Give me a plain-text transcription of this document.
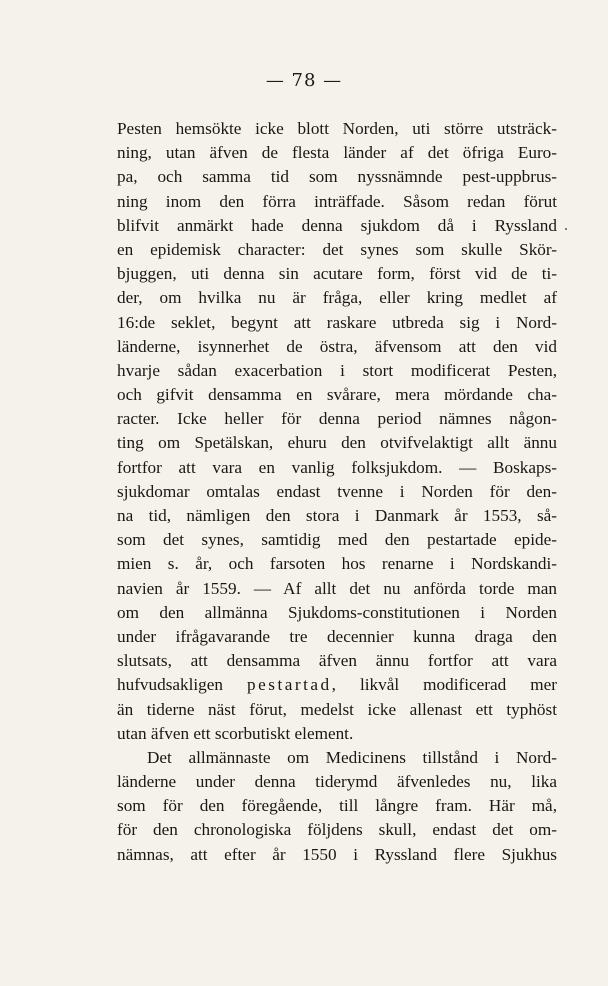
— 78 —
Pesten hemsökte icke blott Norden, uti större utsträck-
ning, utan äfven de flesta länder af det öfriga Euro-
pa, och samma tid som nyssnämnde pest-uppbrus-
ning inom den förra inträffade. Såsom redan förut
blifvit anmärkt hade denna sjukdom då i Ryssland
en epidemisk character: det synes som skulle Skör-
bjuggen, uti denna sin acutare form, först vid de ti-
der, om hvilka nu är fråga, eller kring medlet af
16:de seklet, begynt att raskare utbreda sig i Nord-
länderne, isynnerhet de östra, äfvensom att den vid
hvarje sådan exacerbation i stort modificerat Pesten,
och gifvit densamma en svårare, mera mördande cha-
racter. Icke heller för denna period nämnes någon-
ting om Spetälskan, ehuru den otvifvelaktigt allt ännu
fortfor att vara en vanlig folksjukdom. — Boskaps-
sjukdomar omtalas endast tvenne i Norden för den-
na tid, nämligen den stora i Danmark år 1553, så-
som det synes, samtidig med den pestartade epide-
mien s. år, och farsoten hos renarne i Nordskandi-
navien år 1559. — Af allt det nu anförda torde man
om den allmänna Sjukdoms-constitutionen i Norden
under ifrågavarande tre decennier kunna draga den
slutsats, att densamma äfven ännu fortfor att vara
hufvudsakligen pestartad, likvål modificerad mer
än tiderne näst förut, medelst icke allenast ett typhöst
utan äfven ett scorbutiskt element.
Det allmännaste om Medicinens tillstånd i Nord-
länderne under denna tiderymd äfvenledes nu, lika
som för den föregående, till långre fram. Här må,
för den chronologiska följdens skull, endast det om-
nämnas, att efter år 1550 i Ryssland flere Sjukhus
